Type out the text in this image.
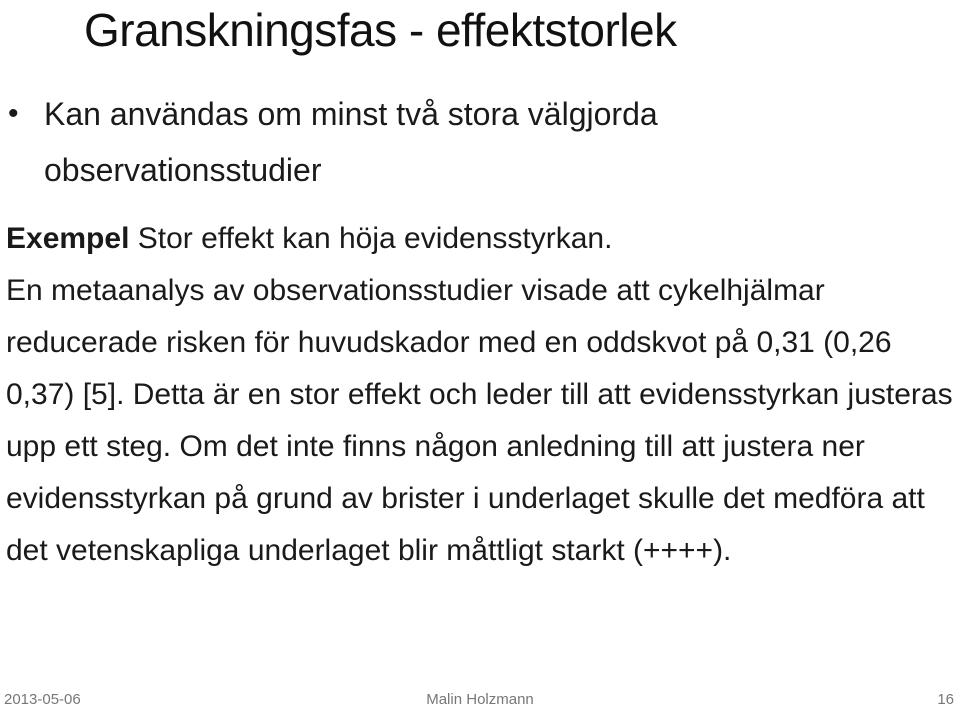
Granskningsfas - effektstorlek
• Kan användas om minst två stora välgjorda observationsstudier
Exempel Stor effekt kan höja evidensstyrkan.

En metaanalys av observationsstudier visade att cykelhjälmar reducerade risken för huvudskador med en oddskvot på 0,31 (0,26 0,37) [5]. Detta är en stor effekt och leder till att evidensstyrkan justeras upp ett steg. Om det inte finns någon anledning till att justera ner evidensstyrkan på grund av brister i underlaget skulle det medföra att det vetenskapliga underlaget blir måttligt starkt (++++).

2013-05-06	Malin Holzmann	16
